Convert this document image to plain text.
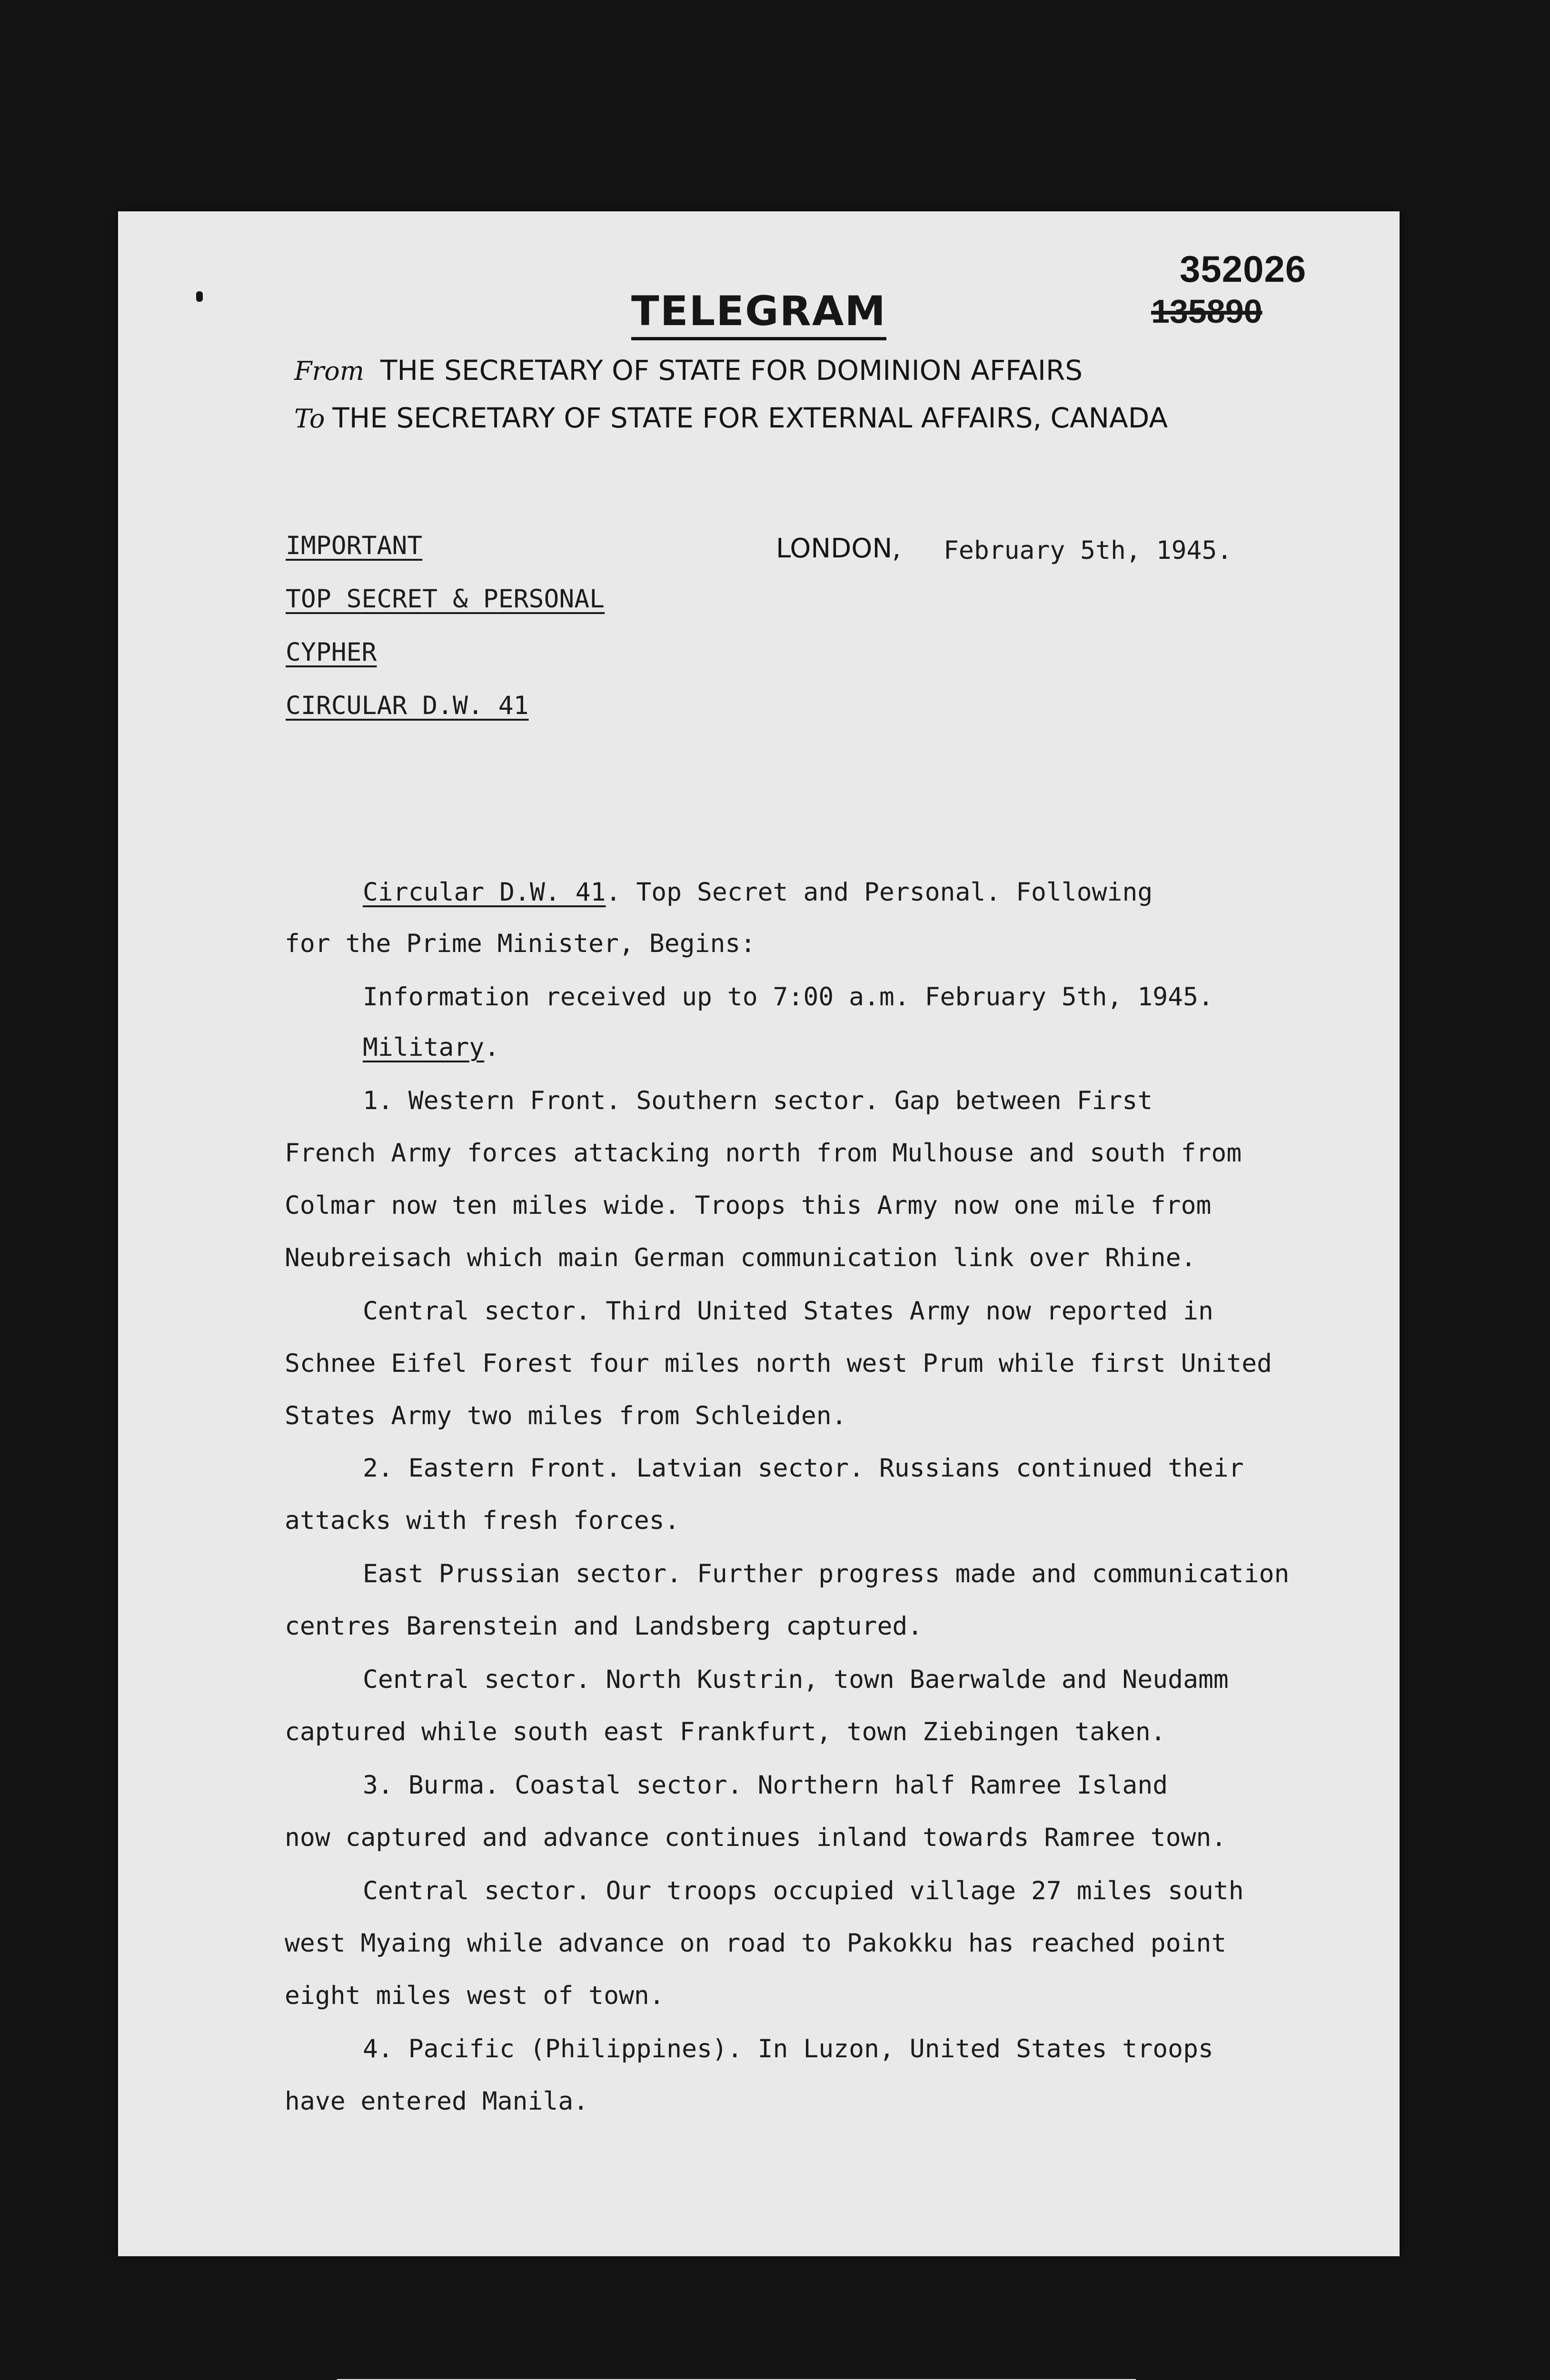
TELEGRAM
352026
135890
From THE SECRETARY OF STATE FOR DOMINION AFFAIRS
To THE SECRETARY OF STATE FOR EXTERNAL AFFAIRS, CANADA
IMPORTANT
TOP SECRET & PERSONAL
CYPHER
CIRCULAR D.W. 41
LONDON, February 5th, 1945.
Circular D.W. 41. Top Secret and Personal. Following
for the Prime Minister, Begins:
Information received up to 7:00 a.m. February 5th, 1945.
Military.
1. Western Front. Southern sector. Gap between First
French Army forces attacking north from Mulhouse and south from
Colmar now ten miles wide. Troops this Army now one mile from
Neubreisach which main German communication link over Rhine.
Central sector. Third United States Army now reported in
Schnee Eifel Forest four miles north west Prum while first United
States Army two miles from Schleiden.
2. Eastern Front. Latvian sector. Russians continued their
attacks with fresh forces.
East Prussian sector. Further progress made and communication
centres Barenstein and Landsberg captured.
Central sector. North Kustrin, town Baerwalde and Neudamm
captured while south east Frankfurt, town Ziebingen taken.
3. Burma. Coastal sector. Northern half Ramree Island
now captured and advance continues inland towards Ramree town.
Central sector. Our troops occupied village 27 miles south
west Myaing while advance on road to Pakokku has reached point
eight miles west of town.
4. Pacific (Philippines). In Luzon, United States troops
have entered Manila.
